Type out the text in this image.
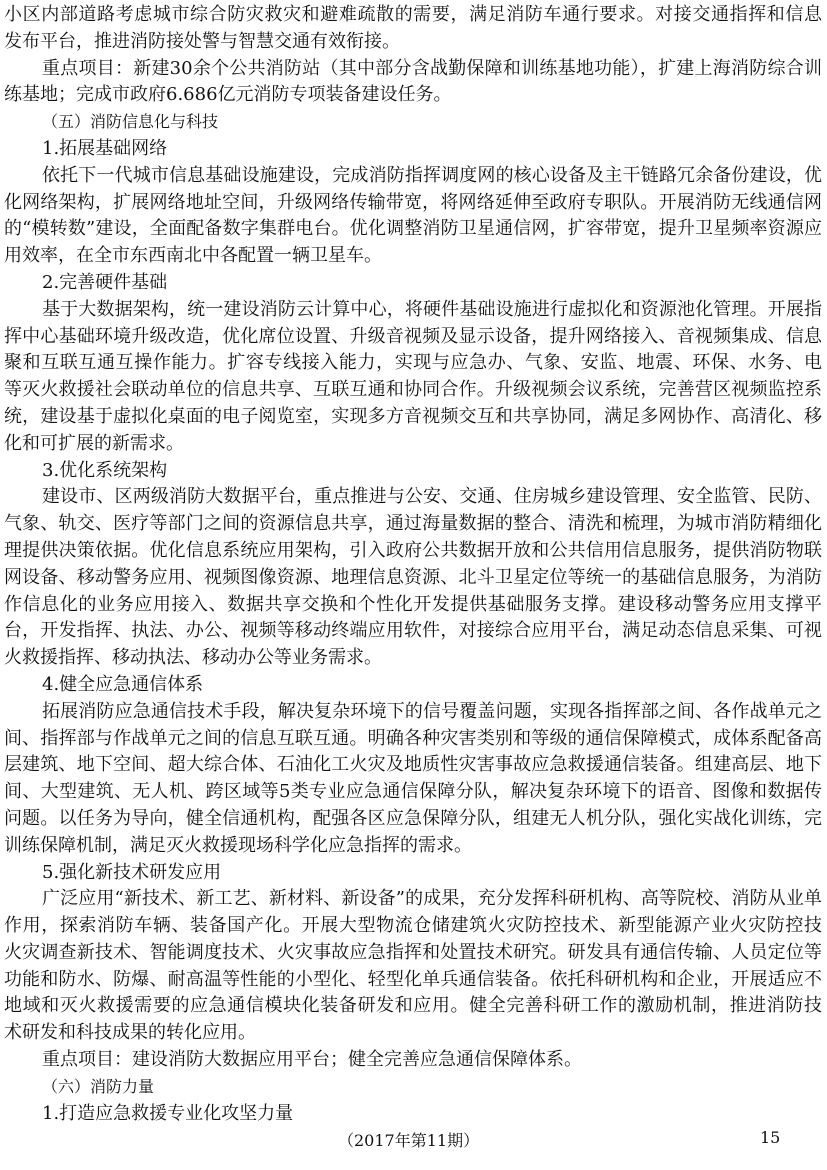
小区内部道路考虑城市综合防灾救灾和避难疏散的需要，满足消防车通行要求。对接交通指挥和信息
发布平台，推进消防接处警与智慧交通有效衔接。
重点项目：新建30余个公共消防站（其中部分含战勤保障和训练基地功能），扩建上海消防综合训
练基地；完成市政府6.686亿元消防专项装备建设任务。
（五）消防信息化与科技
1.拓展基础网络
依托下一代城市信息基础设施建设，完成消防指挥调度网的核心设备及主干链路冗余备份建设，优
化网络架构，扩展网络地址空间，升级网络传输带宽，将网络延伸至政府专职队。开展消防无线通信网
的“模转数”建设，全面配备数字集群电台。优化调整消防卫星通信网，扩容带宽，提升卫星频率资源应
用效率，在全市东西南北中各配置一辆卫星车。
2.完善硬件基础
基于大数据架构，统一建设消防云计算中心，将硬件基础设施进行虚拟化和资源池化管理。开展指
挥中心基础环境升级改造，优化席位设置、升级音视频及显示设备，提升网络接入、音视频集成、信息
聚和互联互通互操作能力。扩容专线接入能力，实现与应急办、气象、安监、地震、环保、水务、电
等灭火救援社会联动单位的信息共享、互联互通和协同合作。升级视频会议系统，完善营区视频监控系
统，建设基于虚拟化桌面的电子阅览室，实现多方音视频交互和共享协同，满足多网协作、高清化、移
化和可扩展的新需求。
3.优化系统架构
建设市、区两级消防大数据平台，重点推进与公安、交通、住房城乡建设管理、安全监管、民防、
气象、轨交、医疗等部门之间的资源信息共享，通过海量数据的整合、清洗和梳理，为城市消防精细化
理提供决策依据。优化信息系统应用架构，引入政府公共数据开放和公共信用信息服务，提供消防物联
网设备、移动警务应用、视频图像资源、地理信息资源、北斗卫星定位等统一的基础信息服务，为消防
作信息化的业务应用接入、数据共享交换和个性化开发提供基础服务支撑。建设移动警务应用支撑平
台，开发指挥、执法、办公、视频等移动终端应用软件，对接综合应用平台，满足动态信息采集、可视
火救援指挥、移动执法、移动办公等业务需求。
4.健全应急通信体系
拓展消防应急通信技术手段，解决复杂环境下的信号覆盖问题，实现各指挥部之间、各作战单元之
间、指挥部与作战单元之间的信息互联互通。明确各种灾害类别和等级的通信保障模式，成体系配备高
层建筑、地下空间、超大综合体、石油化工火灾及地质性灾害事故应急救援通信装备。组建高层、地下
间、大型建筑、无人机、跨区域等5类专业应急通信保障分队，解决复杂环境下的语音、图像和数据传
问题。以任务为导向，健全信通机构，配强各区应急保障分队，组建无人机分队，强化实战化训练，完
训练保障机制，满足灭火救援现场科学化应急指挥的需求。
5.强化新技术研发应用
广泛应用“新技术、新工艺、新材料、新设备”的成果，充分发挥科研机构、高等院校、消防从业单
作用，探索消防车辆、装备国产化。开展大型物流仓储建筑火灾防控技术、新型能源产业火灾防控技
火灾调查新技术、智能调度技术、火灾事故应急指挥和处置技术研究。研发具有通信传输、人员定位等
功能和防水、防爆、耐高温等性能的小型化、轻型化单兵通信装备。依托科研机构和企业，开展适应不
地域和灭火救援需要的应急通信模块化装备研发和应用。健全完善科研工作的激励机制，推进消防技
术研发和科技成果的转化应用。
重点项目：建设消防大数据应用平台；健全完善应急通信保障体系。
（六）消防力量
1.打造应急救援专业化攻坚力量
（2017年第11期）	15
